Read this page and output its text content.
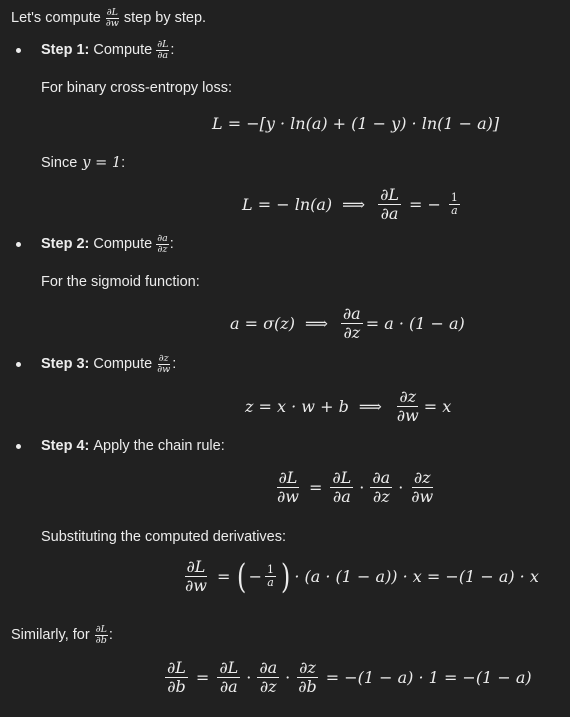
Let's compute $\frac{\partial L}{\partial w}$ step by step.
Step 1: Compute $\frac{\partial L}{\partial a}$ :
For binary cross-entropy loss:
L = −[y · ln(a) + (1 − y) · ln(1 − a)]
Since y = 1 :
L = − ln(a) ⟹ $\frac{\partial L}{\partial a}$ = − $\frac{1}{a}$
Step 2: Compute $\frac{\partial a}{\partial z}$ :
For the sigmoid function:
a = σ(z) ⟹ $\frac{\partial a}{\partial z} = a \cdot (1 - a)$
Step 3: Compute $\frac{\partial z}{\partial w}$ :
z = x · w + b ⟹ $\frac{\partial z}{\partial w} = x$
Step 4: Apply the chain rule:
$\frac{\partial L}{\partial w} = \frac{\partial L}{\partial a} \cdot \frac{\partial a}{\partial z} \cdot \frac{\partial z}{\partial w}$
Substituting the computed derivatives:
$\frac{\partial L}{\partial w}$ = ( − $\frac{1}{a}$ ) · (a · (1 − a)) · x = −(1 − a) · x
Similarly, for $\frac{\partial L}{\partial b}$ :
$\frac{\partial L}{\partial b} = \frac{\partial L}{\partial a} \cdot \frac{\partial a}{\partial z} \cdot \frac{\partial z}{\partial b} = -(1 - a) \cdot 1 = -(1 - a)$
